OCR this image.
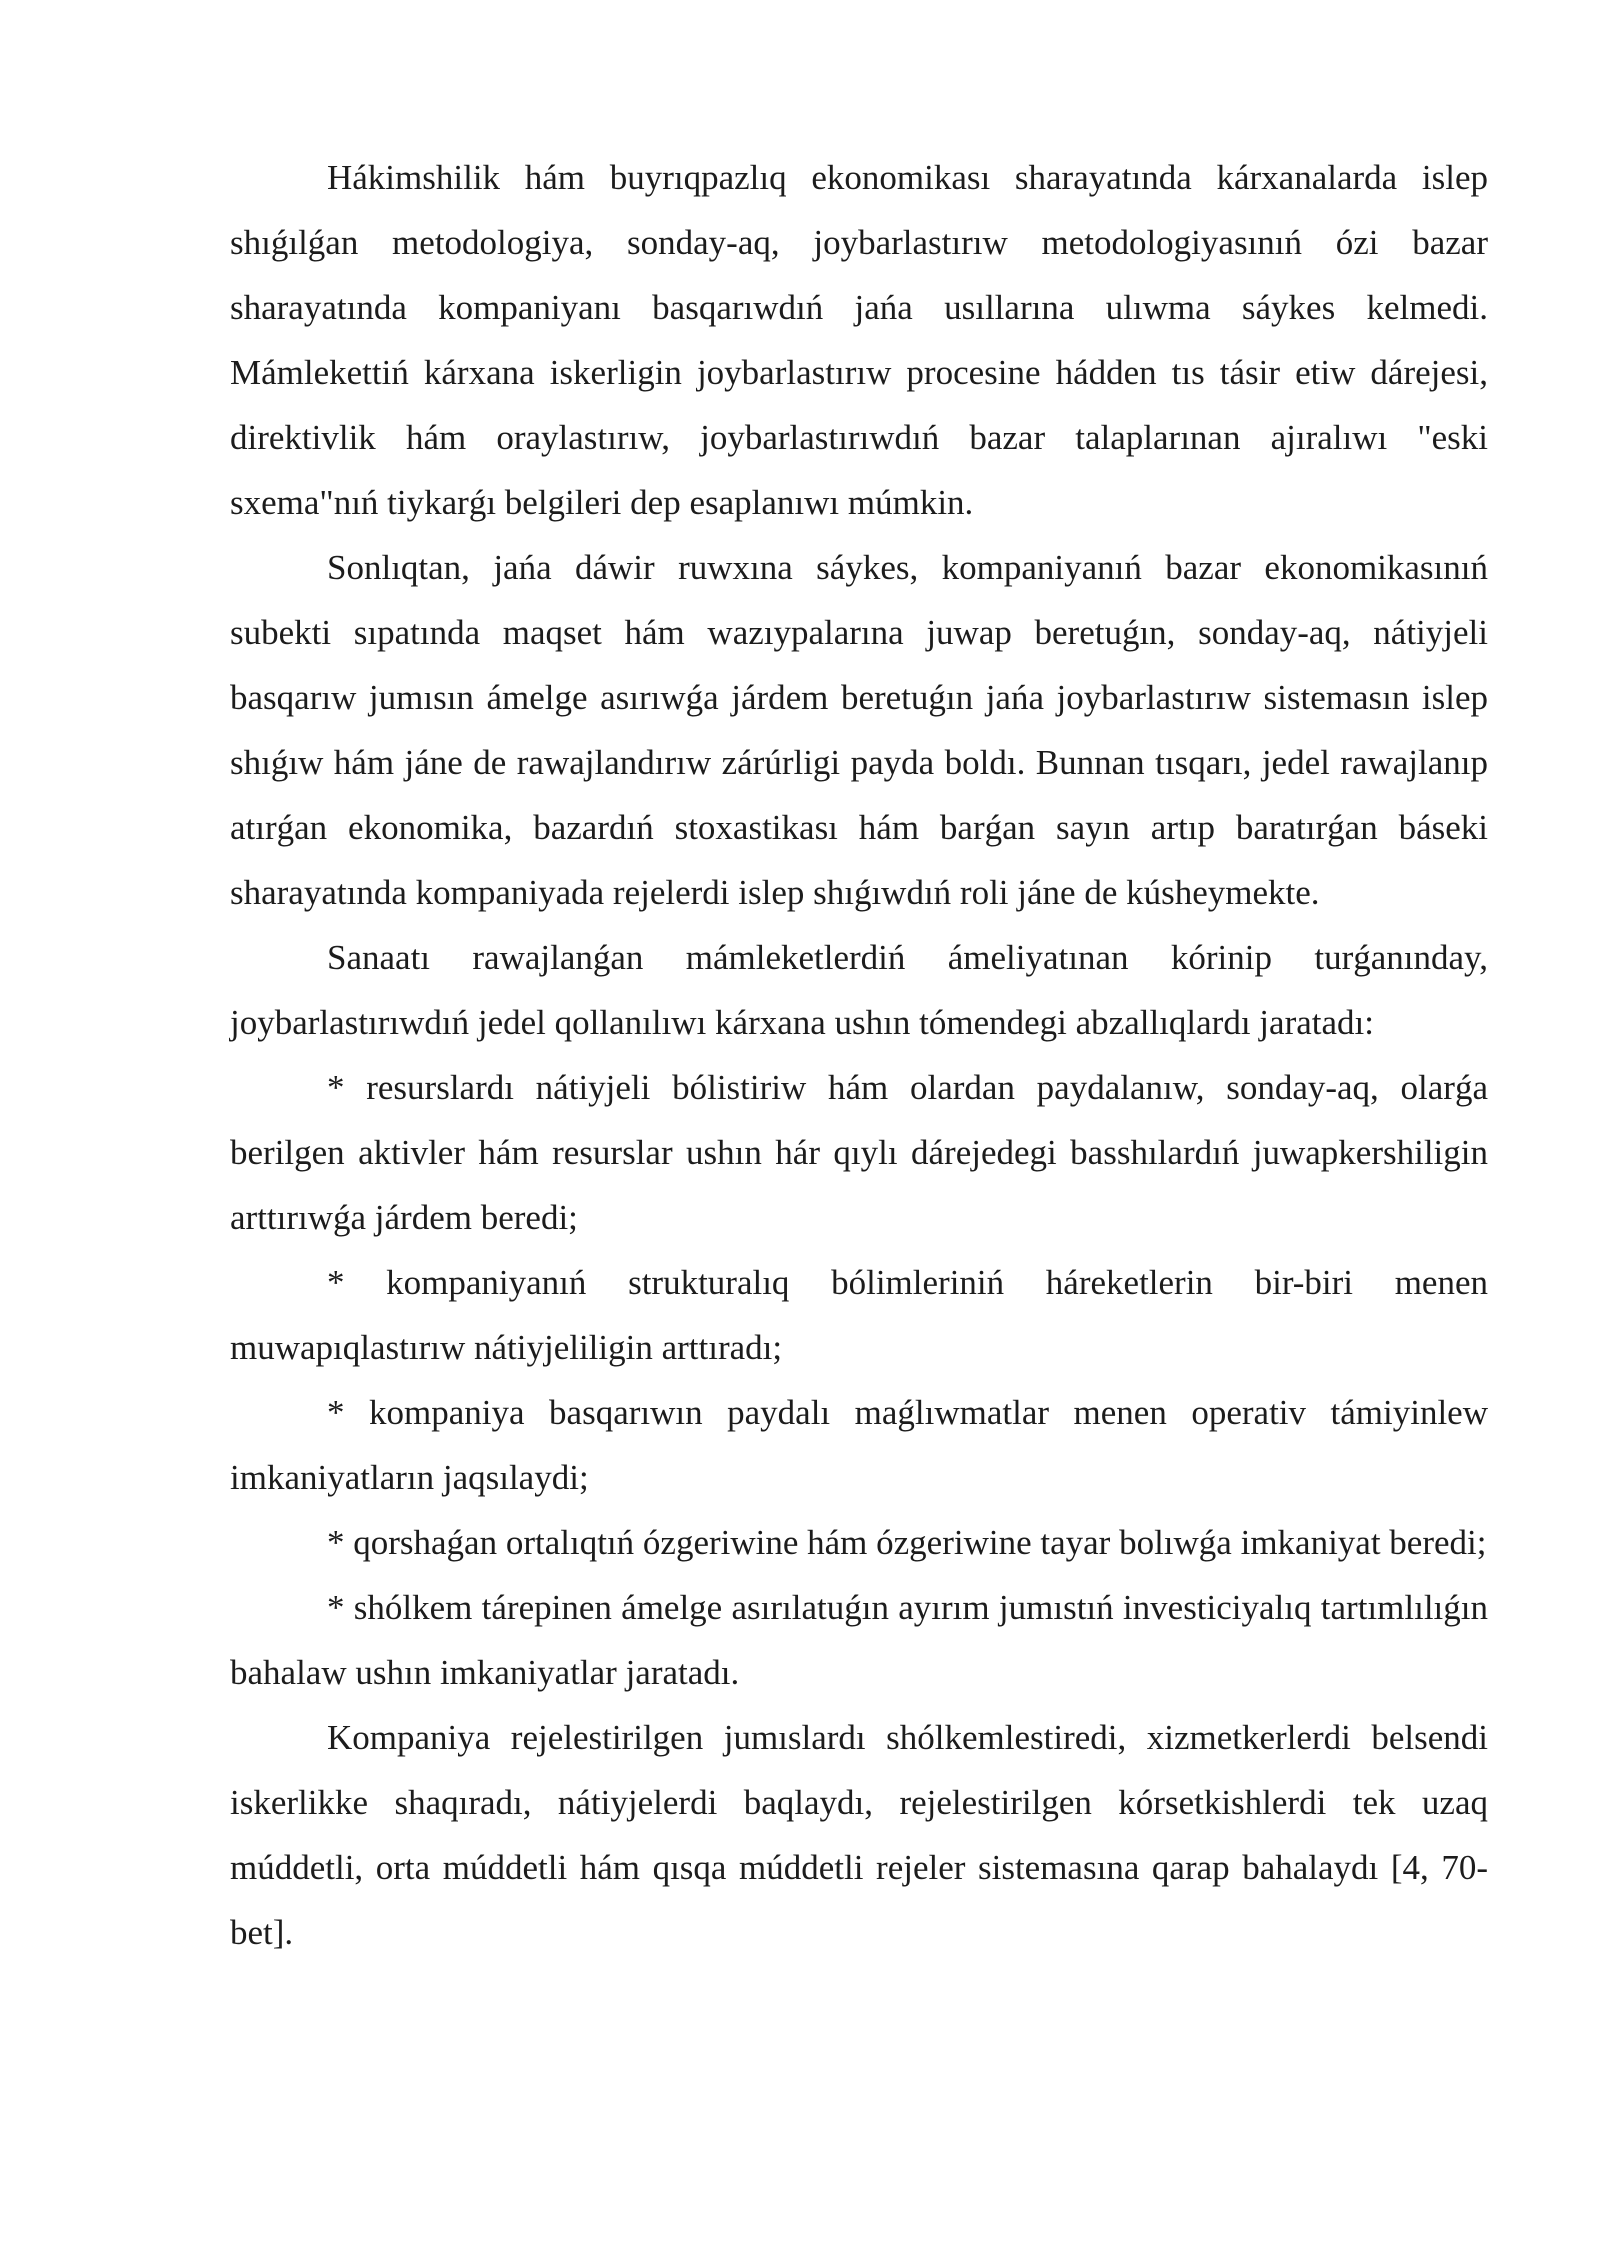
Hákimshilik hám buyrıqpazlıq ekonomikası sharayatında kárxanalarda islep shıǵılǵan metodologiya, sonday-aq, joybarlastırıw metodologiyasınıń ózi bazar sharayatında kompaniyanı basqarıwdıń jańa usıllarına ulıwma sáykes kelmedi. Mámlekettiń kárxana iskerligin joybarlastırıw procesine hádden tıs tásir etiw dárejesi, direktivlik hám oraylastırıw, joybarlastırıwdıń bazar talaplarınan ajıralıwı "eski sxema"nıń tiykarǵı belgileri dep esaplanıwı múmkin.

Sonlıqtan, jańa dáwir ruwxına sáykes, kompaniyanıń bazar ekonomikasınıń subekti sıpatında maqset hám wazıypalarına juwap beretuǵın, sonday-aq, nátiyjeli basqarıw jumısın ámelge asırıwǵa járdem beretuǵın jańa joybarlastırıw sistemasın islep shıǵıw hám jáne de rawajlandırıw zárúrligi payda boldı. Bunnan tısqarı, jedel rawajlanıp atırǵan ekonomika, bazardıń stoxastikası hám barǵan sayın artıp baratırǵan báseki sharayatında kompaniyada rejelerdi islep shıǵıwdıń roli jáne de kúsheymekte.

Sanaatı rawajlanǵan mámleketlerdiń ámeliyatınan kórinip turǵanınday, joybarlastırıwdıń jedel qollanılıwı kárxana ushın tómendegi abzallıqlardı jaratadı:

* resurslardı nátiyjeli bólistiriw hám olardan paydalanıw, sonday-aq, olarǵa berilgen aktivler hám resurslar ushın hár qıylı dárejedegi basshılardıń juwapkershiligin arttırıwǵa járdem beredi;

* kompaniyanıń strukturalıq bólimleriniń háreketlerin bir-biri menen muwapıqlastırıw nátiyjeliligin arttıradı;

* kompaniya basqarıwın paydalı maǵlıwmatlar menen operativ támiyinlew imkaniyatların jaqsılaydi;

* qorshaǵan ortalıqtıń ózgeriwine hám ózgeriwine tayar bolıwǵa imkaniyat beredi;

* shólkem tárepinen ámelge asırılatuǵın ayırım jumıstıń investiciyalıq tartımlılıǵın bahalaw ushın imkaniyatlar jaratadı.

Kompaniya rejelestirilgen jumıslardı shólkemlestiredi, xizmetkerlerdi belsendi iskerlikke shaqıradı, nátiyjelerdi baqlaydı, rejelestirilgen kórsetkishlerdi tek uzaq múddetli, orta múddetli hám qısqa múddetli rejeler sistemasına qarap bahalaydı [4, 70-bet].
